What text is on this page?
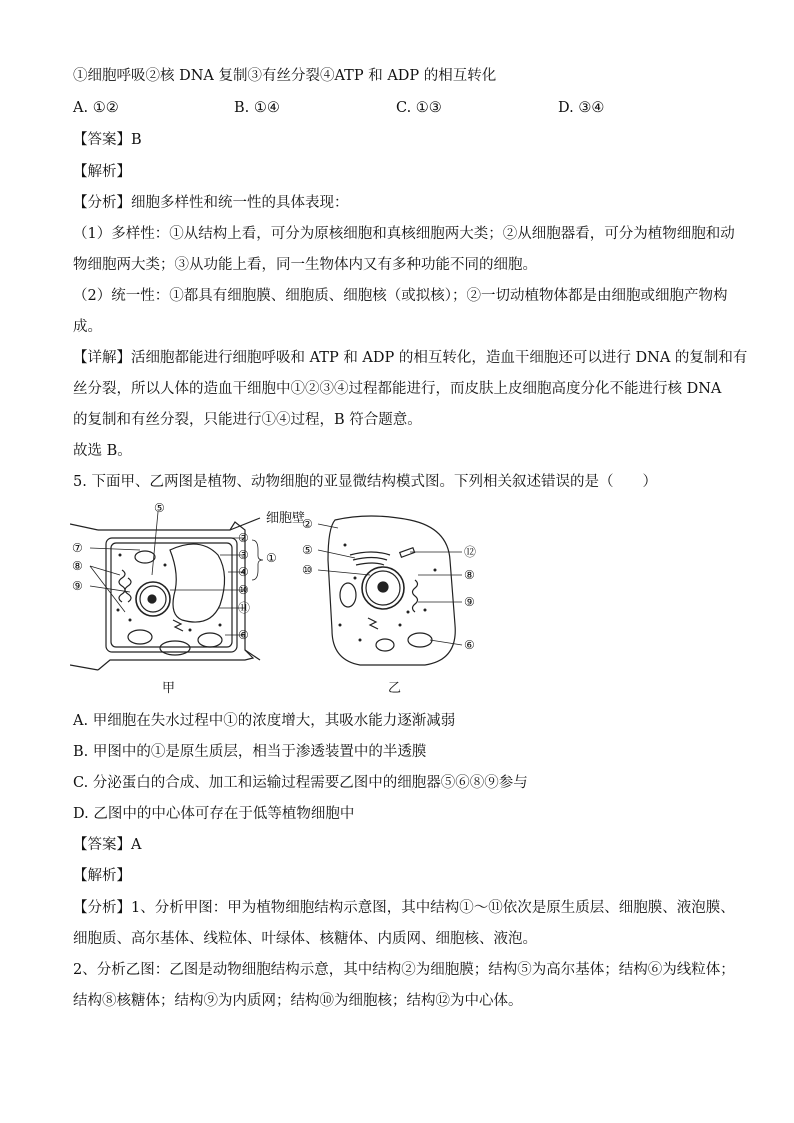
①细胞呼吸②核 DNA 复制③有丝分裂④ATP 和 ADP 的相互转化
A. ①②	B. ①④	C. ①③	D. ③④
【答案】B
【解析】
【分析】细胞多样性和统一性的具体表现：
（1）多样性：①从结构上看，可分为原核细胞和真核细胞两大类；②从细胞器看，可分为植物细胞和动
物细胞两大类；③从功能上看，同一生物体内又有多种功能不同的细胞。
（2）统一性：①都具有细胞膜、细胞质、细胞核（或拟核）；②一切动植物体都是由细胞或细胞产物构
成。
【详解】活细胞都能进行细胞呼吸和 ATP 和 ADP 的相互转化，造血干细胞还可以进行 DNA 的复制和有
丝分裂，所以人体的造血干细胞中①②③④过程都能进行，而皮肤上皮细胞高度分化不能进行核 DNA
的复制和有丝分裂，只能进行①④过程，B 符合题意。
故选 B。
5. 下面甲、乙两图是植物、动物细胞的亚显微结构模式图。下列相关叙述错误的是（　　）
⑤
细胞壁
⑦
⑧
⑨
②
③
④
①
⑩
⑪
⑥
甲
②
⑤
⑩
⑫
⑧
⑨
⑥
乙
A. 甲细胞在失水过程中①的浓度增大，其吸水能力逐渐减弱
B. 甲图中的①是原生质层，相当于渗透装置中的半透膜
C. 分泌蛋白的合成、加工和运输过程需要乙图中的细胞器⑤⑥⑧⑨参与
D. 乙图中的中心体可存在于低等植物细胞中
【答案】A
【解析】
【分析】1、分析甲图：甲为植物细胞结构示意图，其中结构①～⑪依次是原生质层、细胞膜、液泡膜、
细胞质、高尔基体、线粒体、叶绿体、核糖体、内质网、细胞核、液泡。
2、分析乙图：乙图是动物细胞结构示意，其中结构②为细胞膜；结构⑤为高尔基体；结构⑥为线粒体；
结构⑧核糖体；结构⑨为内质网；结构⑩为细胞核；结构⑫为中心体。
